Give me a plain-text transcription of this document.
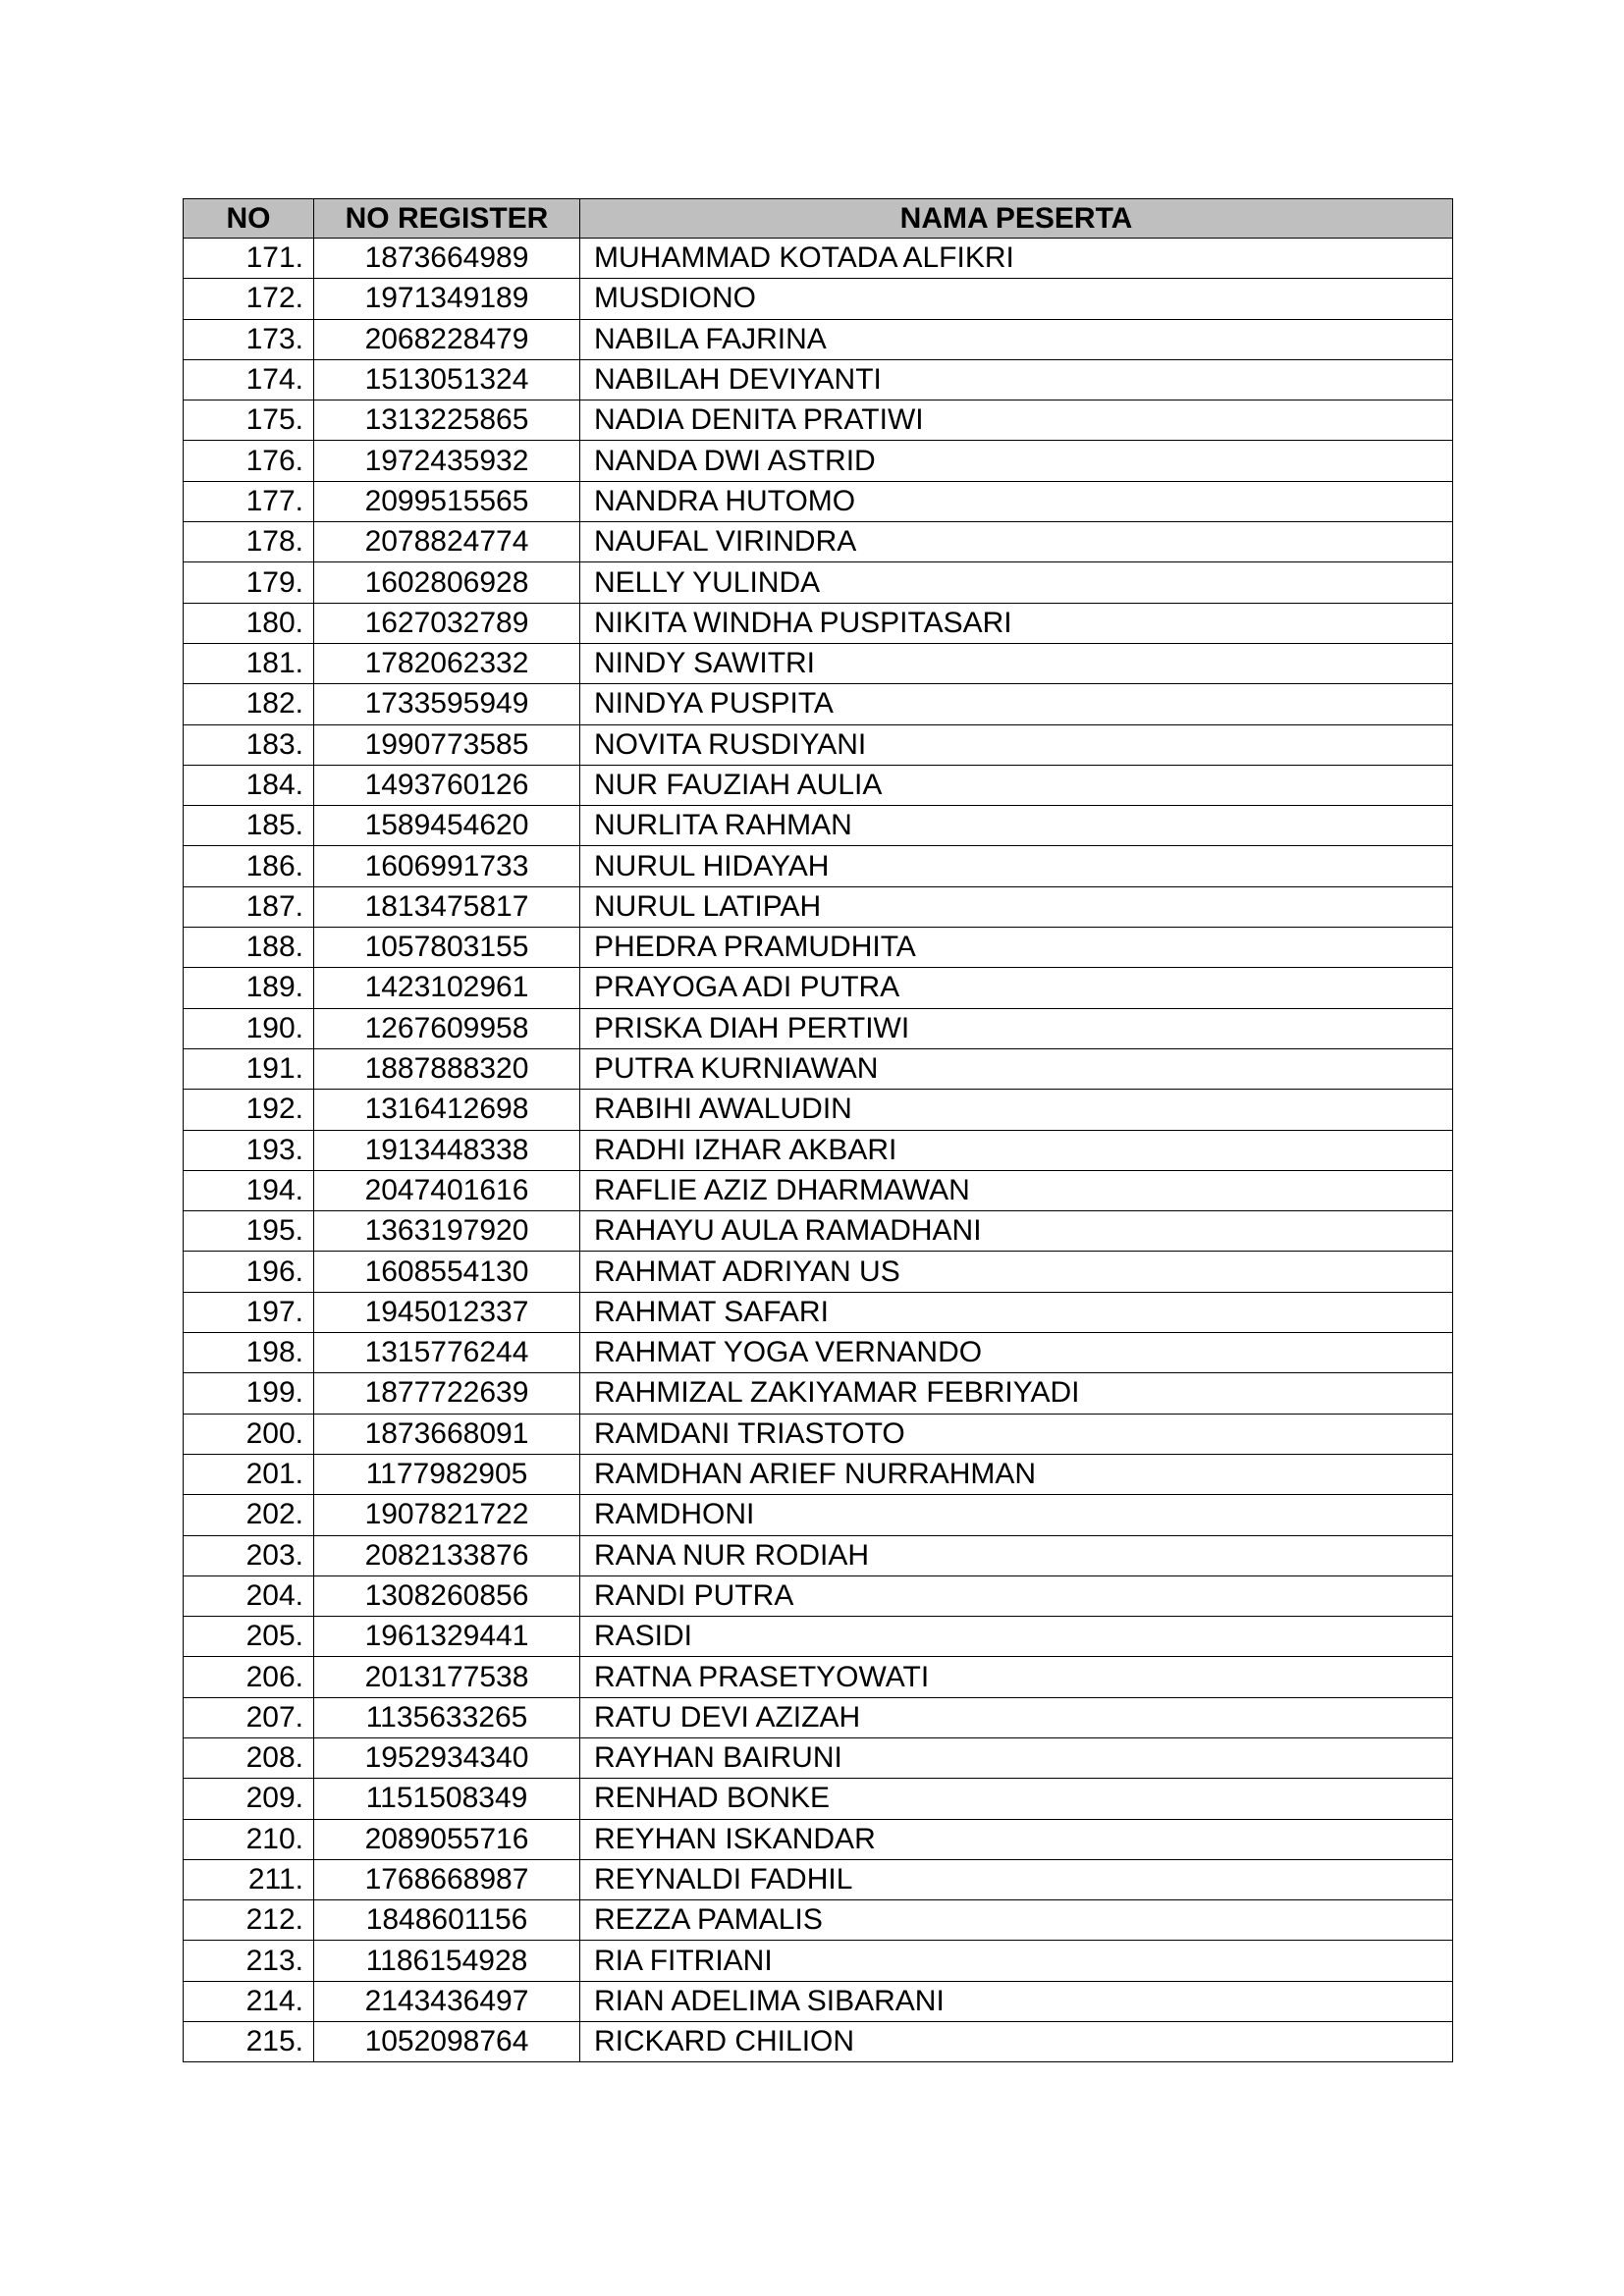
NO	NO REGISTER	NAMA PESERTA
171.	1873664989	MUHAMMAD KOTADA ALFIKRI
172.	1971349189	MUSDIONO
173.	2068228479	NABILA FAJRINA
174.	1513051324	NABILAH DEVIYANTI
175.	1313225865	NADIA DENITA PRATIWI
176.	1972435932	NANDA DWI ASTRID
177.	2099515565	NANDRA HUTOMO
178.	2078824774	NAUFAL VIRINDRA
179.	1602806928	NELLY YULINDA
180.	1627032789	NIKITA WINDHA PUSPITASARI
181.	1782062332	NINDY SAWITRI
182.	1733595949	NINDYA PUSPITA
183.	1990773585	NOVITA RUSDIYANI
184.	1493760126	NUR FAUZIAH AULIA
185.	1589454620	NURLITA RAHMAN
186.	1606991733	NURUL HIDAYAH
187.	1813475817	NURUL LATIPAH
188.	1057803155	PHEDRA PRAMUDHITA
189.	1423102961	PRAYOGA ADI PUTRA
190.	1267609958	PRISKA DIAH PERTIWI
191.	1887888320	PUTRA KURNIAWAN
192.	1316412698	RABIHI AWALUDIN
193.	1913448338	RADHI IZHAR AKBARI
194.	2047401616	RAFLIE AZIZ DHARMAWAN
195.	1363197920	RAHAYU AULA RAMADHANI
196.	1608554130	RAHMAT ADRIYAN US
197.	1945012337	RAHMAT SAFARI
198.	1315776244	RAHMAT YOGA VERNANDO
199.	1877722639	RAHMIZAL ZAKIYAMAR FEBRIYADI
200.	1873668091	RAMDANI TRIASTOTO
201.	1177982905	RAMDHAN ARIEF NURRAHMAN
202.	1907821722	RAMDHONI
203.	2082133876	RANA NUR RODIAH
204.	1308260856	RANDI PUTRA
205.	1961329441	RASIDI
206.	2013177538	RATNA PRASETYOWATI
207.	1135633265	RATU DEVI AZIZAH
208.	1952934340	RAYHAN BAIRUNI
209.	1151508349	RENHAD BONKE
210.	2089055716	REYHAN ISKANDAR
211.	1768668987	REYNALDI FADHIL
212.	1848601156	REZZA PAMALIS
213.	1186154928	RIA FITRIANI
214.	2143436497	RIAN ADELIMA SIBARANI
215.	1052098764	RICKARD CHILION
